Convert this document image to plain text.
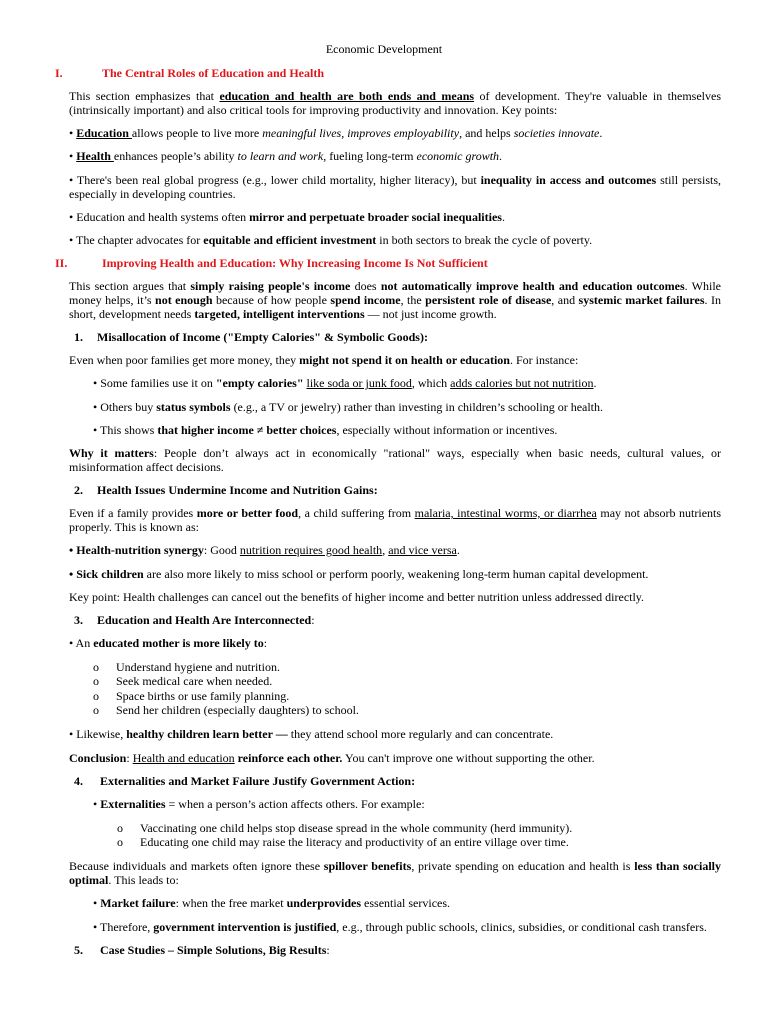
Economic Development

I.	The Central Roles of Education and Health

This section emphasizes that education and health are both ends and means of development. They're valuable in themselves (intrinsically important) and also critical tools for improving productivity and innovation. Key points:

• Education allows people to live more meaningful lives, improves employability, and helps societies innovate.

• Health enhances people’s ability to learn and work, fueling long-term economic growth.

• There's been real global progress (e.g., lower child mortality, higher literacy), but inequality in access and outcomes still persists, especially in developing countries.

• Education and health systems often mirror and perpetuate broader social inequalities.

• The chapter advocates for equitable and efficient investment in both sectors to break the cycle of poverty.

II.	Improving Health and Education: Why Increasing Income Is Not Sufficient

This section argues that simply raising people's income does not automatically improve health and education outcomes. While money helps, it’s not enough because of how people spend income, the persistent role of disease, and systemic market failures. In short, development needs targeted, intelligent interventions — not just income growth.

1. Misallocation of Income ("Empty Calories" & Symbolic Goods):

Even when poor families get more money, they might not spend it on health or education. For instance:

• Some families use it on "empty calories" like soda or junk food, which adds calories but not nutrition.

• Others buy status symbols (e.g., a TV or jewelry) rather than investing in children’s schooling or health.

• This shows that higher income ≠ better choices, especially without information or incentives.

Why it matters: People don’t always act in economically "rational" ways, especially when basic needs, cultural values, or misinformation affect decisions.

2. Health Issues Undermine Income and Nutrition Gains:

Even if a family provides more or better food, a child suffering from malaria, intestinal worms, or diarrhea may not absorb nutrients properly. This is known as:

• Health-nutrition synergy: Good nutrition requires good health, and vice versa.

• Sick children are also more likely to miss school or perform poorly, weakening long-term human capital development.

Key point: Health challenges can cancel out the benefits of higher income and better nutrition unless addressed directly.

3. Education and Health Are Interconnected:

• An educated mother is more likely to:

o Understand hygiene and nutrition.
o Seek medical care when needed.
o Space births or use family planning.
o Send her children (especially daughters) to school.

• Likewise, healthy children learn better — they attend school more regularly and can concentrate.

Conclusion: Health and education reinforce each other. You can't improve one without supporting the other.

4. Externalities and Market Failure Justify Government Action:

• Externalities = when a person’s action affects others. For example:

o Vaccinating one child helps stop disease spread in the whole community (herd immunity).
o Educating one child may raise the literacy and productivity of an entire village over time.

Because individuals and markets often ignore these spillover benefits, private spending on education and health is less than socially optimal. This leads to:

• Market failure: when the free market underprovides essential services.

• Therefore, government intervention is justified, e.g., through public schools, clinics, subsidies, or conditional cash transfers.

5. Case Studies – Simple Solutions, Big Results:
